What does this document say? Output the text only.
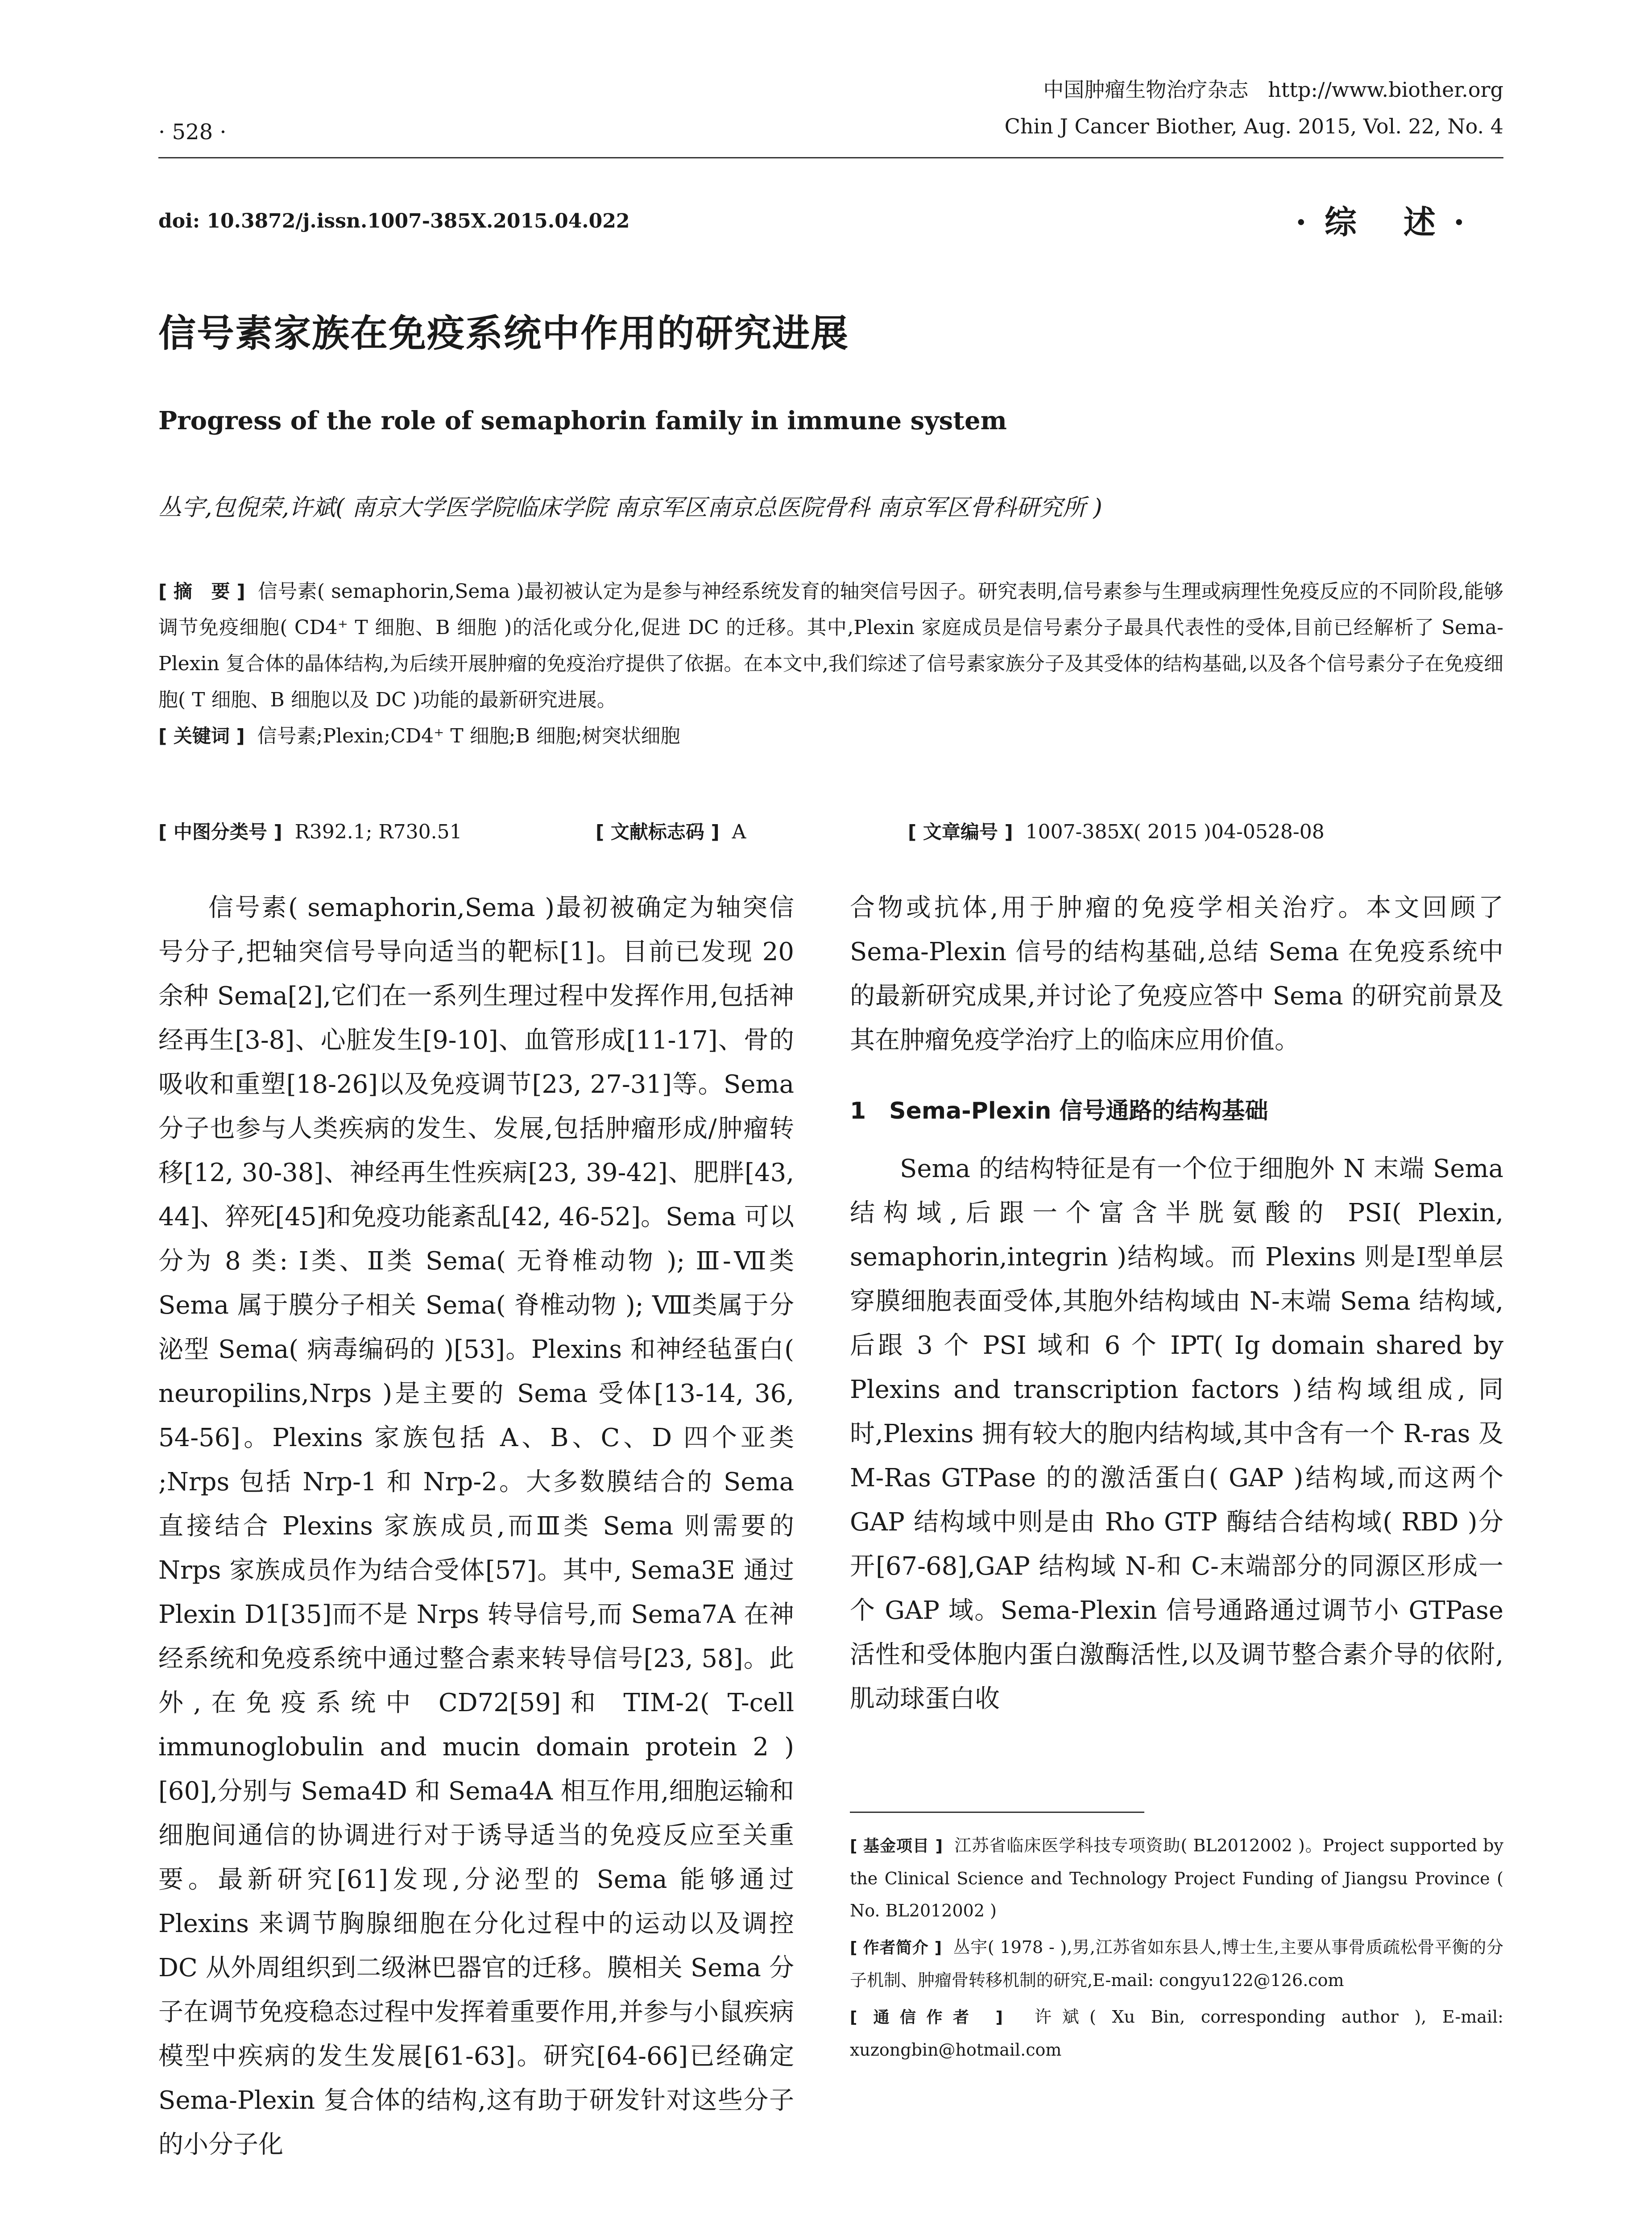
中国肿瘤生物治疗杂志 http://www.biother.org
Chin J Cancer Biother, Aug. 2015, Vol. 22, No. 4
· 528 ·
doi: 10.3872/j.issn.1007-385X.2015.04.022	·综 述·
信号素家族在免疫系统中作用的研究进展
Progress of the role of semaphorin family in immune system
丛宇,包倪荣,许斌( 南京大学医学院临床学院 南京军区南京总医院骨科 南京军区骨科研究所 )
[ 摘　要 ] 信号素( semaphorin,Sema )最初被认定为是参与神经系统发育的轴突信号因子。研究表明,信号素参与生理或病理性免疫反应的不同阶段,能够调节免疫细胞( CD4⁺ T 细胞、B 细胞 )的活化或分化,促进 DC 的迁移。其中,Plexin 家庭成员是信号素分子最具代表性的受体,目前已经解析了 Sema-Plexin 复合体的晶体结构,为后续开展肿瘤的免疫治疗提供了依据。在本文中,我们综述了信号素家族分子及其受体的结构基础,以及各个信号素分子在免疫细胞( T 细胞、B 细胞以及 DC )功能的最新研究进展。
[ 关键词 ] 信号素;Plexin;CD4⁺ T 细胞;B 细胞;树突状细胞
[ 中图分类号 ] R392.1; R730.51	[ 文献标志码 ] A	[ 文章编号 ] 1007-385X( 2015 )04-0528-08

信号素( semaphorin,Sema )最初被确定为轴突信号分子,把轴突信号导向适当的靶标[1]。目前已发现 20 余种 Sema[2],它们在一系列生理过程中发挥作用,包括神经再生[3-8]、心脏发生[9-10]、血管形成[11-17]、骨的吸收和重塑[18-26]以及免疫调节[23, 27-31]等。Sema 分子也参与人类疾病的发生、发展,包括肿瘤形成/肿瘤转移[12, 30-38]、神经再生性疾病[23, 39-42]、肥胖[43, 44]、猝死[45]和免疫功能紊乱[42, 46-52]。Sema 可以分为 8 类: Ⅰ类、Ⅱ类 Sema( 无脊椎动物 ); Ⅲ-Ⅶ类 Sema 属于膜分子相关 Sema( 脊椎动物 ); Ⅷ类属于分泌型 Sema( 病毒编码的 )[53]。Plexins 和神经毡蛋白( neuropilins,Nrps )是主要的 Sema 受体[13-14, 36, 54-56]。Plexins 家族包括 A、B、C、D 四个亚类 ;Nrps 包括 Nrp-1 和 Nrp-2。大多数膜结合的 Sema 直接结合 Plexins 家族成员,而Ⅲ类 Sema 则需要的 Nrps 家族成员作为结合受体[57]。其中, Sema3E 通过 Plexin D1[35]而不是 Nrps 转导信号,而 Sema7A 在神经系统和免疫系统中通过整合素来转导信号[23, 58]。此外,在免疫系统中 CD72[59]和 TIM-2( T-cell immunoglobulin and mucin domain protein 2 )[60],分别与 Sema4D 和 Sema4A 相互作用,细胞运输和细胞间通信的协调进行对于诱导适当的免疫反应至关重要。最新研究[61]发现,分泌型的 Sema 能够通过 Plexins 来调节胸腺细胞在分化过程中的运动以及调控 DC 从外周组织到二级淋巴器官的迁移。膜相关 Sema 分子在调节免疫稳态过程中发挥着重要作用,并参与小鼠疾病模型中疾病的发生发展[61-63]。研究[64-66]已经确定 Sema-Plexin 复合体的结构,这有助于研发针对这些分子的小分子化

合物或抗体,用于肿瘤的免疫学相关治疗。本文回顾了 Sema-Plexin 信号的结构基础,总结 Sema 在免疫系统中的最新研究成果,并讨论了免疫应答中 Sema 的研究前景及其在肿瘤免疫学治疗上的临床应用价值。

1　Sema-Plexin 信号通路的结构基础

Sema 的结构特征是有一个位于细胞外 N 末端 Sema 结构域,后跟一个富含半胱氨酸的 PSI( Plexin, semaphorin,integrin )结构域。而 Plexins 则是Ⅰ型单层穿膜细胞表面受体,其胞外结构域由 N-末端 Sema 结构域,后跟 3 个 PSI 域和 6 个 IPT( Ig domain shared by Plexins and transcription factors )结构域组成, 同时,Plexins 拥有较大的胞内结构域,其中含有一个 R-ras 及 M-Ras GTPase 的的激活蛋白( GAP )结构域,而这两个 GAP 结构域中则是由 Rho GTP 酶结合结构域( RBD )分开[67-68],GAP 结构域 N-和 C-末端部分的同源区形成一个 GAP 域。Sema-Plexin 信号通路通过调节小 GTPase 活性和受体胞内蛋白激酶活性,以及调节整合素介导的依附,肌动球蛋白收

[ 基金项目 ] 江苏省临床医学科技专项资助( BL2012002 )。Project supported by the Clinical Science and Technology Project Funding of Jiangsu Province ( No. BL2012002 )

[ 作者简介 ] 丛宇( 1978 - ),男,江苏省如东县人,博士生,主要从事骨质疏松骨平衡的分子机制、肿瘤骨转移机制的研究,E-mail: congyu122@126.com

[ 通信作者 ] 许斌( Xu Bin, corresponding author ), E-mail: xuzongbin@hotmail.com
